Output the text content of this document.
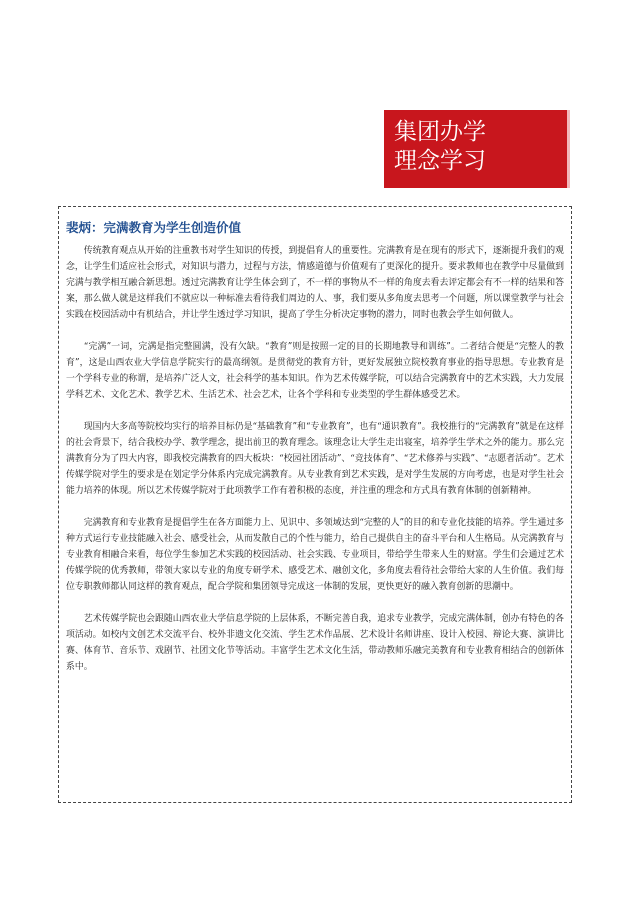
集团办学
理念学习
裴炳：完满教育为学生创造价值

传统教育观点从开始的注重教书对学生知识的传授，到提倡育人的重要性。完满教育是在现有的形式下，逐渐提升我们的观念，让学生们适应社会形式，对知识与潜力，过程与方法，情感道德与价值观有了更深化的提升。要求教师也在教学中尽量做到完满与教学相互融合新思想。透过完满教育让学生体会到了，不一样的事物从不一样的角度去看去评定都会有不一样的结果和答案，那么做人就是这样我们不就应以一种标准去看待我们周边的人、事，我们要从多角度去思考一个问题，所以课堂教学与社会实践在校园活动中有机结合，并让学生透过学习知识，提高了学生分析决定事物的潜力，同时也教会学生如何做人。

“完满”一词，完满是指完整圆满，没有欠缺。“教育”则是按照一定的目的长期地教导和训练”。二者结合便是“完整人的教育”，这是山西农业大学信息学院实行的最高纲领。是贯彻党的教育方针，更好发展独立院校教育事业的指导思想。专业教育是一个学科专业的称谓，是培养广泛人文，社会科学的基本知识。作为艺术传媒学院，可以结合完满教育中的艺术实践，大力发展学科艺术、文化艺术、教学艺术、生活艺术、社会艺术，让各个学科和专业类型的学生群体感受艺术。

现国内大多高等院校均实行的培养目标仍是“基础教育”和“专业教育”，也有“通识教育”。我校推行的“完满教育”就是在这样的社会背景下，结合我校办学、教学理念，提出前卫的教育理念。该理念让大学生走出寝室，培养学生学术之外的能力。那么完满教育分为了四大内容，即我校完满教育的四大板块：“校园社团活动”、“竞技体育”、“艺术修养与实践”、“志愿者活动”。艺术传媒学院对学生的要求是在划定学分体系内完成完满教育。从专业教育到艺术实践，是对学生发展的方向考虑，也是对学生社会能力培养的体现。所以艺术传媒学院对于此项教学工作有着积极的态度，并注重的理念和方式具有教育体制的创新精神。

完满教育和专业教育是提倡学生在各方面能力上、见识中、多领域达到“完整的人”的目的和专业化技能的培养。学生通过多种方式运行专业技能融入社会、感受社会，从而发散自己的个性与能力，给自己提供自主的奋斗平台和人生格局。从完满教育与专业教育相融合来看，每位学生参加艺术实践的校园活动、社会实践、专业项目，带给学生带来人生的财富。学生们会通过艺术传媒学院的优秀教师，带领大家以专业的角度专研学术、感受艺术、融创文化，多角度去看待社会带给大家的人生价值。我们每位专职教师都认同这样的教育观点，配合学院和集团领导完成这一体制的发展，更快更好的融入教育创新的思潮中。

艺术传媒学院也会跟随山西农业大学信息学院的上层体系，不断完善自我，追求专业教学，完成完满体制，创办有特色的各项活动。如校内文创艺术交流平台、校外非遗文化交流、学生艺术作品展、艺术设计名师讲座、设计入校园、辩论大赛、演讲比赛、体育节、音乐节、戏剧节、社团文化节等活动。丰富学生艺术文化生活，带动教师乐融完美教育和专业教育相结合的创新体系中。
